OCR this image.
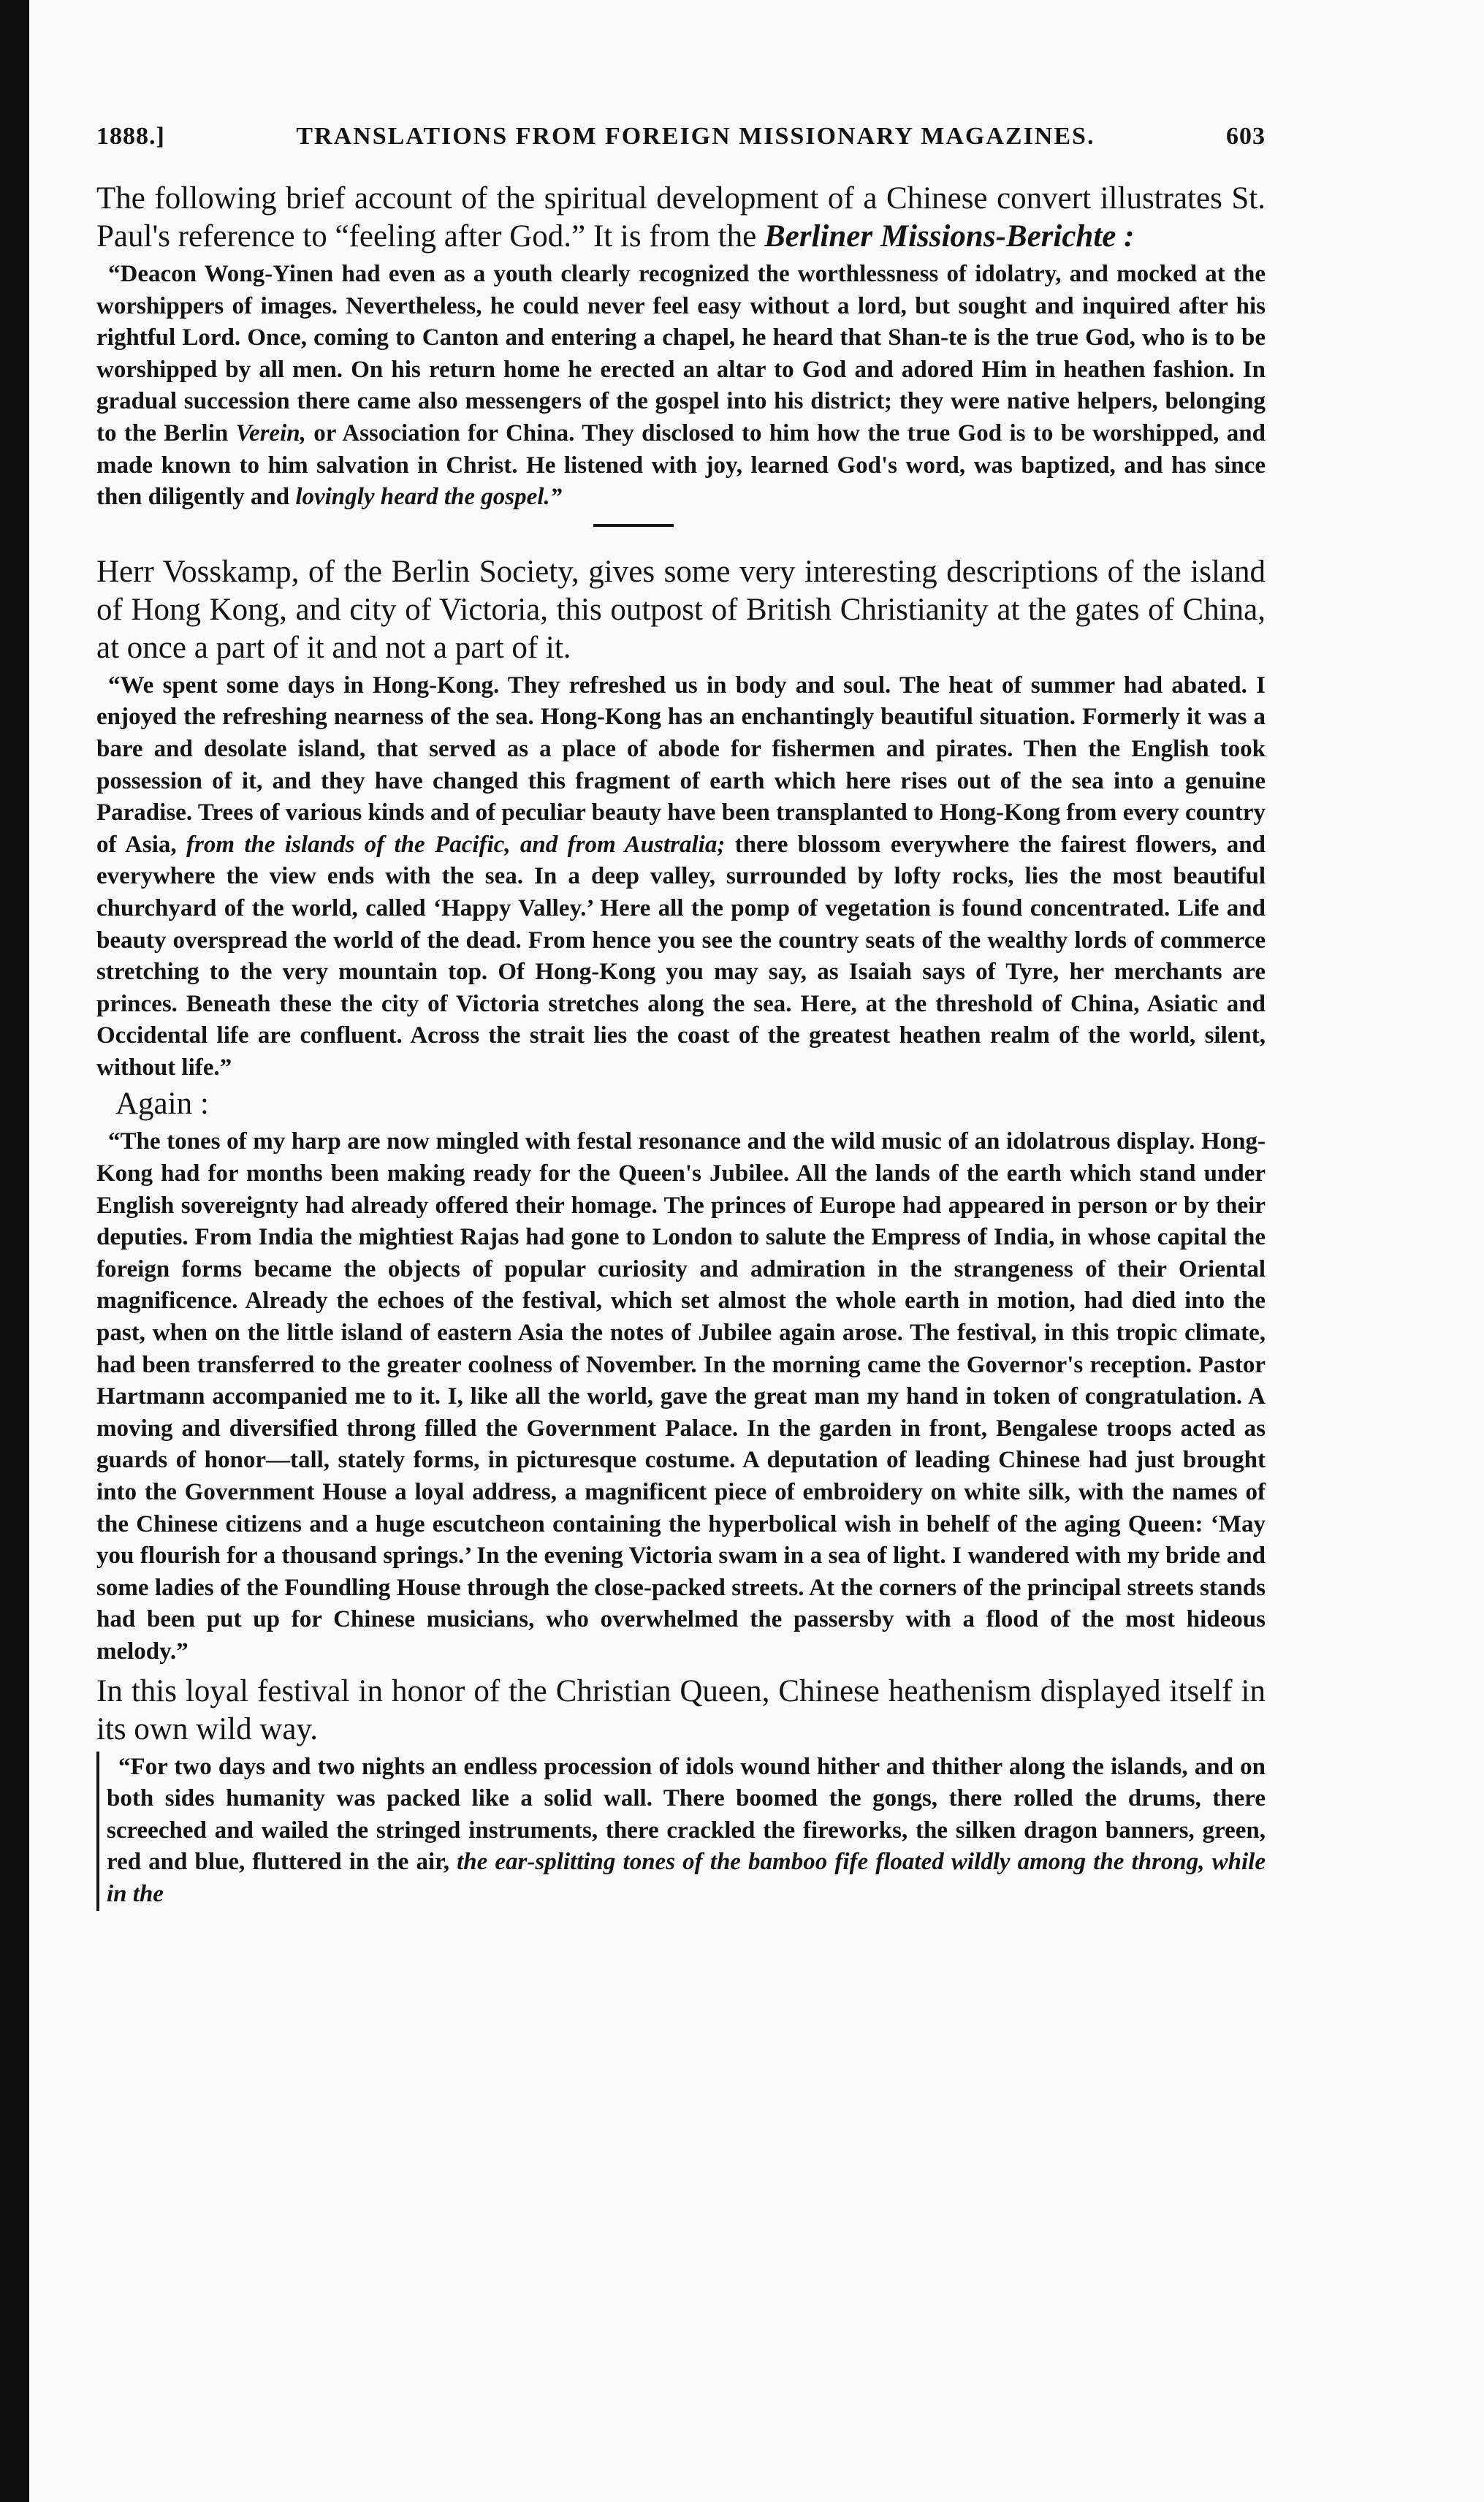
1888.]	TRANSLATIONS FROM FOREIGN MISSIONARY MAGAZINES.	603

The following brief account of the spiritual development of a Chinese convert illustrates St. Paul's reference to “feeling after God.” It is from the Berliner Missions-Berichte :

“Deacon Wong-Yinen had even as a youth clearly recognized the worthlessness of idolatry, and mocked at the worshippers of images. Nevertheless, he could never feel easy without a lord, but sought and inquired after his rightful Lord. Once, coming to Canton and entering a chapel, he heard that Shan-te is the true God, who is to be worshipped by all men. On his return home he erected an altar to God and adored Him in heathen fashion. In gradual succession there came also messengers of the gospel into his district; they were native helpers, belonging to the Berlin Verein, or Association for China. They disclosed to him how the true God is to be worshipped, and made known to him salvation in Christ. He listened with joy, learned God's word, was baptized, and has since then diligently and lovingly heard the gospel.”

Herr Vosskamp, of the Berlin Society, gives some very interesting descriptions of the island of Hong Kong, and city of Victoria, this outpost of British Christianity at the gates of China, at once a part of it and not a part of it.

“We spent some days in Hong-Kong. They refreshed us in body and soul. The heat of summer had abated. I enjoyed the refreshing nearness of the sea. Hong-Kong has an enchantingly beautiful situation. Formerly it was a bare and desolate island, that served as a place of abode for fishermen and pirates. Then the English took possession of it, and they have changed this fragment of earth which here rises out of the sea into a genuine Paradise. Trees of various kinds and of peculiar beauty have been transplanted to Hong-Kong from every country of Asia, from the islands of the Pacific, and from Australia; there blossom everywhere the fairest flowers, and everywhere the view ends with the sea. In a deep valley, surrounded by lofty rocks, lies the most beautiful churchyard of the world, called ‘Happy Valley.’ Here all the pomp of vegetation is found concentrated. Life and beauty overspread the world of the dead. From hence you see the country seats of the wealthy lords of commerce stretching to the very mountain top. Of Hong-Kong you may say, as Isaiah says of Tyre, her merchants are princes. Beneath these the city of Victoria stretches along the sea. Here, at the threshold of China, Asiatic and Occidental life are confluent. Across the strait lies the coast of the greatest heathen realm of the world, silent, without life.”

Again :

“The tones of my harp are now mingled with festal resonance and the wild music of an idolatrous display. Hong-Kong had for months been making ready for the Queen's Jubilee. All the lands of the earth which stand under English sovereignty had already offered their homage. The princes of Europe had appeared in person or by their deputies. From India the mightiest Rajas had gone to London to salute the Empress of India, in whose capital the foreign forms became the objects of popular curiosity and admiration in the strangeness of their Oriental magnificence. Already the echoes of the festival, which set almost the whole earth in motion, had died into the past, when on the little island of eastern Asia the notes of Jubilee again arose. The festival, in this tropic climate, had been transferred to the greater coolness of November. In the morning came the Governor's reception. Pastor Hartmann accompanied me to it. I, like all the world, gave the great man my hand in token of congratulation. A moving and diversified throng filled the Government Palace. In the garden in front, Bengalese troops acted as guards of honor—tall, stately forms, in picturesque costume. A deputation of leading Chinese had just brought into the Government House a loyal address, a magnificent piece of embroidery on white silk, with the names of the Chinese citizens and a huge escutcheon containing the hyperbolical wish in behelf of the aging Queen: ‘May you flourish for a thousand springs.’ In the evening Victoria swam in a sea of light. I wandered with my bride and some ladies of the Foundling House through the close-packed streets. At the corners of the principal streets stands had been put up for Chinese musicians, who overwhelmed the passersby with a flood of the most hideous melody.”

In this loyal festival in honor of the Christian Queen, Chinese heathenism displayed itself in its own wild way.

“For two days and two nights an endless procession of idols wound hither and thither along the islands, and on both sides humanity was packed like a solid wall. There boomed the gongs, there rolled the drums, there screeched and wailed the stringed instruments, there crackled the fireworks, the silken dragon banners, green, red and blue, fluttered in the air, the ear-splitting tones of the bamboo fife floated wildly among the throng, while in the
